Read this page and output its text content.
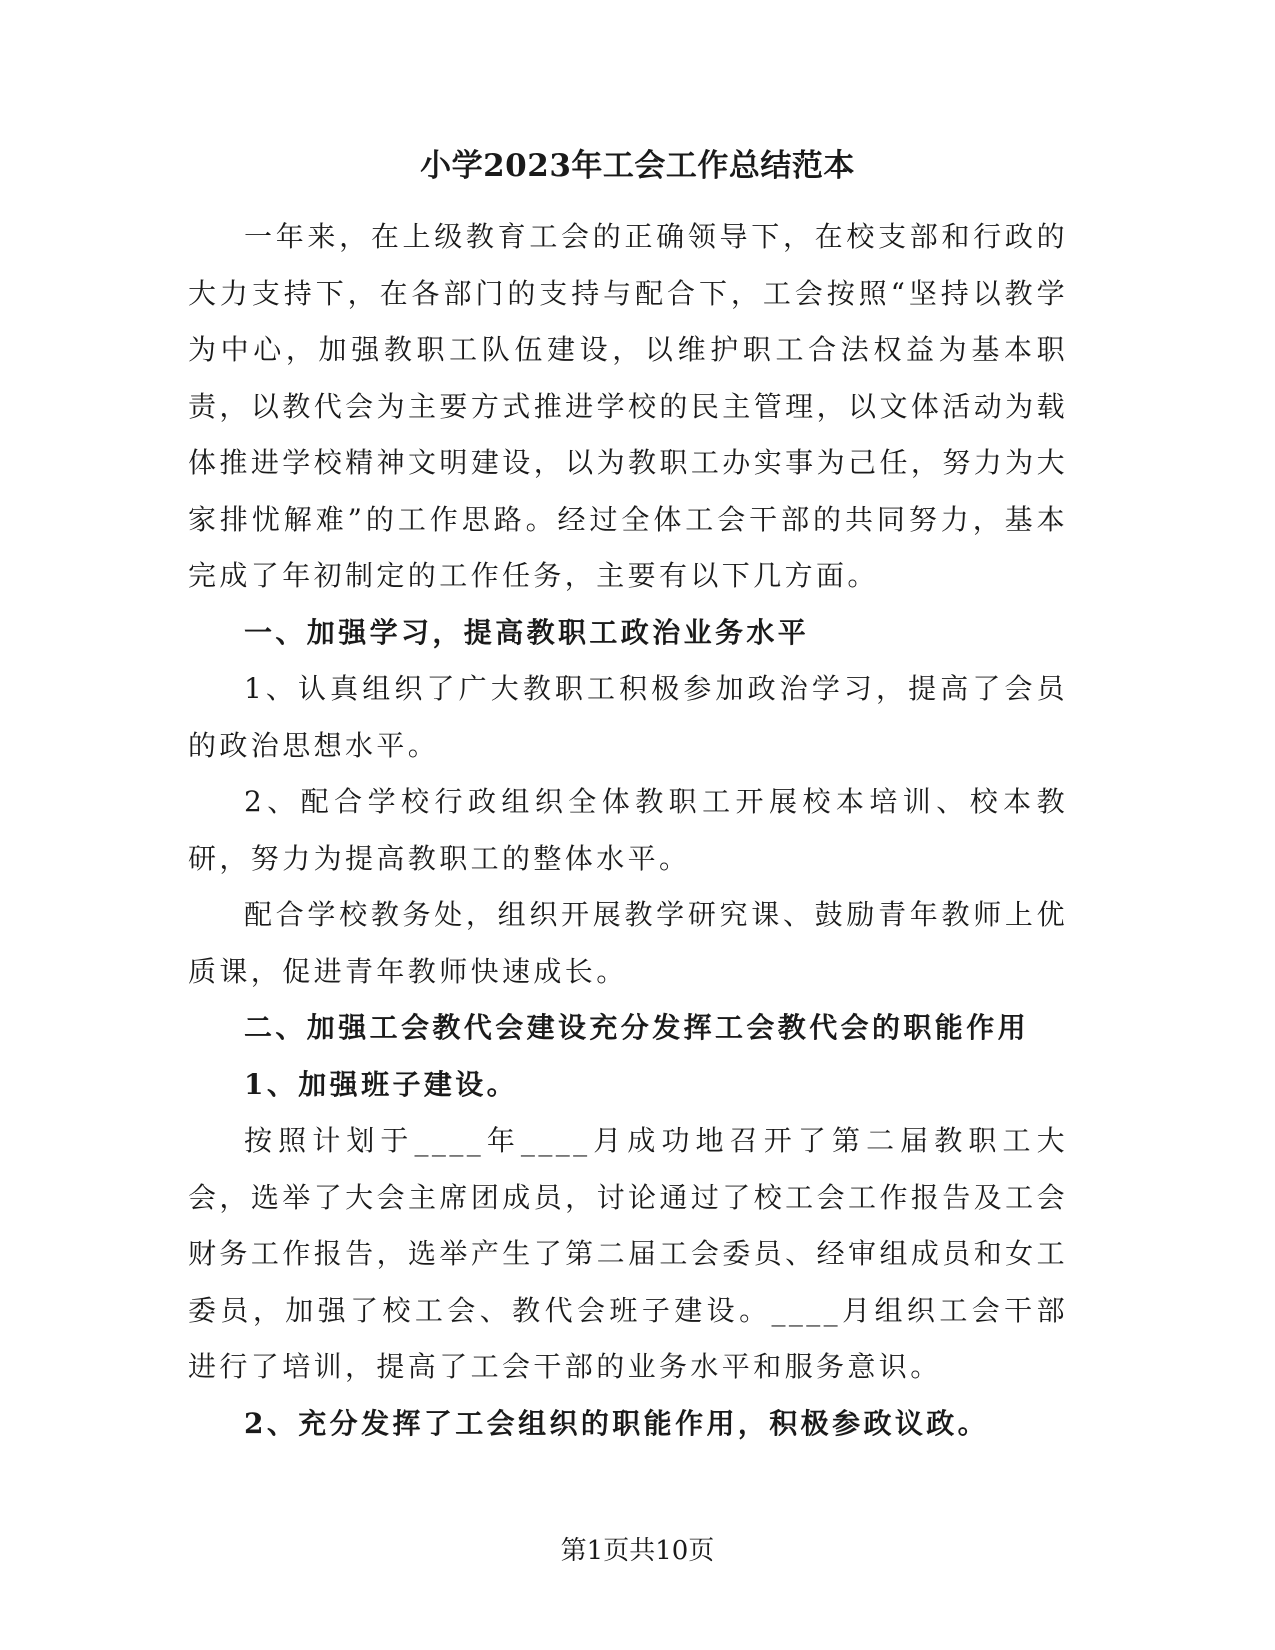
小学2023年工会工作总结范本

一年来，在上级教育工会的正确领导下，在校支部和行政的大力支持下，在各部门的支持与配合下，工会按照“坚持以教学为中心，加强教职工队伍建设，以维护职工合法权益为基本职责，以教代会为主要方式推进学校的民主管理，以文体活动为载体推进学校精神文明建设，以为教职工办实事为己任，努力为大家排忧解难”的工作思路。经过全体工会干部的共同努力，基本完成了年初制定的工作任务，主要有以下几方面。

一、加强学习，提高教职工政治业务水平

1、认真组织了广大教职工积极参加政治学习，提高了会员的政治思想水平。

2、配合学校行政组织全体教职工开展校本培训、校本教研，努力为提高教职工的整体水平。

配合学校教务处，组织开展教学研究课、鼓励青年教师上优质课，促进青年教师快速成长。

二、加强工会教代会建设充分发挥工会教代会的职能作用

1、加强班子建设。

按照计划于____年____月成功地召开了第二届教职工大会，选举了大会主席团成员，讨论通过了校工会工作报告及工会财务工作报告，选举产生了第二届工会委员、经审组成员和女工委员，加强了校工会、教代会班子建设。____月组织工会干部进行了培训，提高了工会干部的业务水平和服务意识。

2、充分发挥了工会组织的职能作用，积极参政议政。

第1页共10页
